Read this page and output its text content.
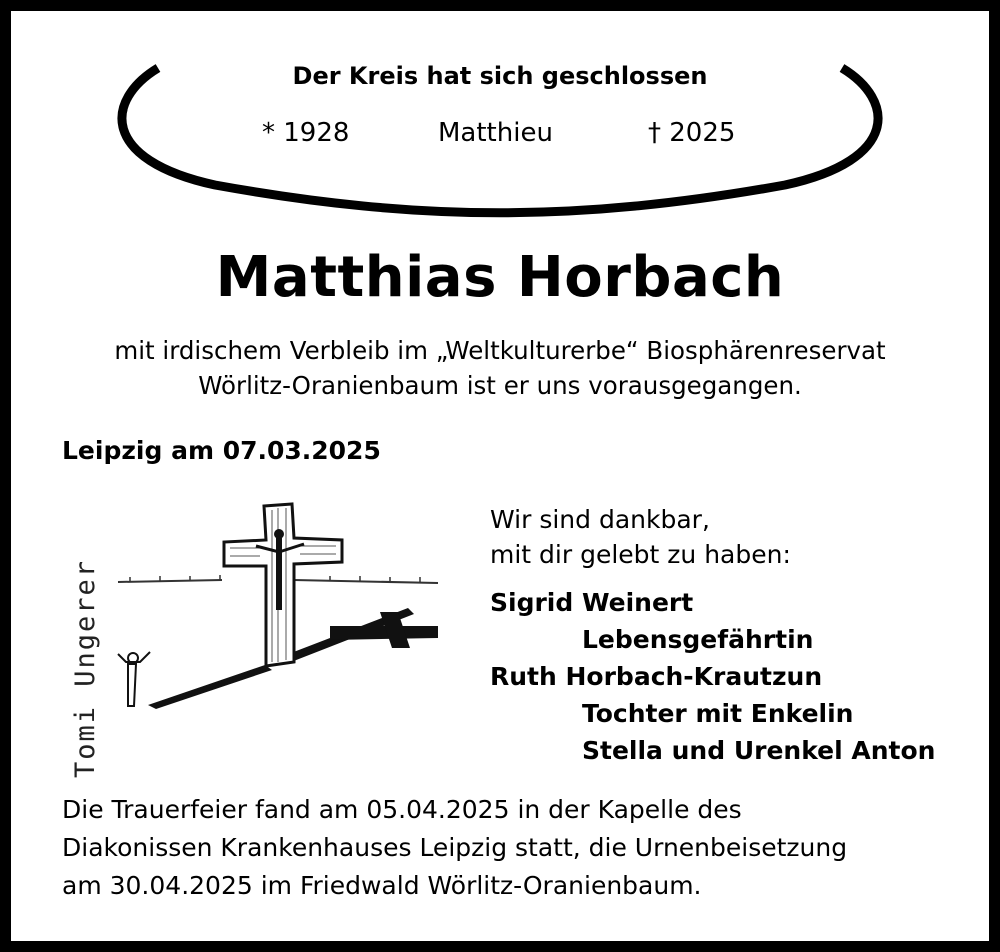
Der Kreis hat sich geschlossen
* 1928	Matthieu	† 2025
Matthias Horbach
mit irdischem Verbleib im „Weltkulturerbe“ Biosphärenreservat
Wörlitz-Oranienbaum ist er uns vorausgegangen.
Leipzig am 07.03.2025
Tomi Ungerer
Wir sind dankbar,
mit dir gelebt zu haben:
Sigrid Weinert
Lebensgefährtin
Ruth Horbach-Krautzun
Tochter mit Enkelin
Stella und Urenkel Anton
Die Trauerfeier fand am 05.04.2025 in der Kapelle des
Diakonissen Krankenhauses Leipzig statt, die Urnenbeisetzung
am 30.04.2025 im Friedwald Wörlitz-Oranienbaum.
